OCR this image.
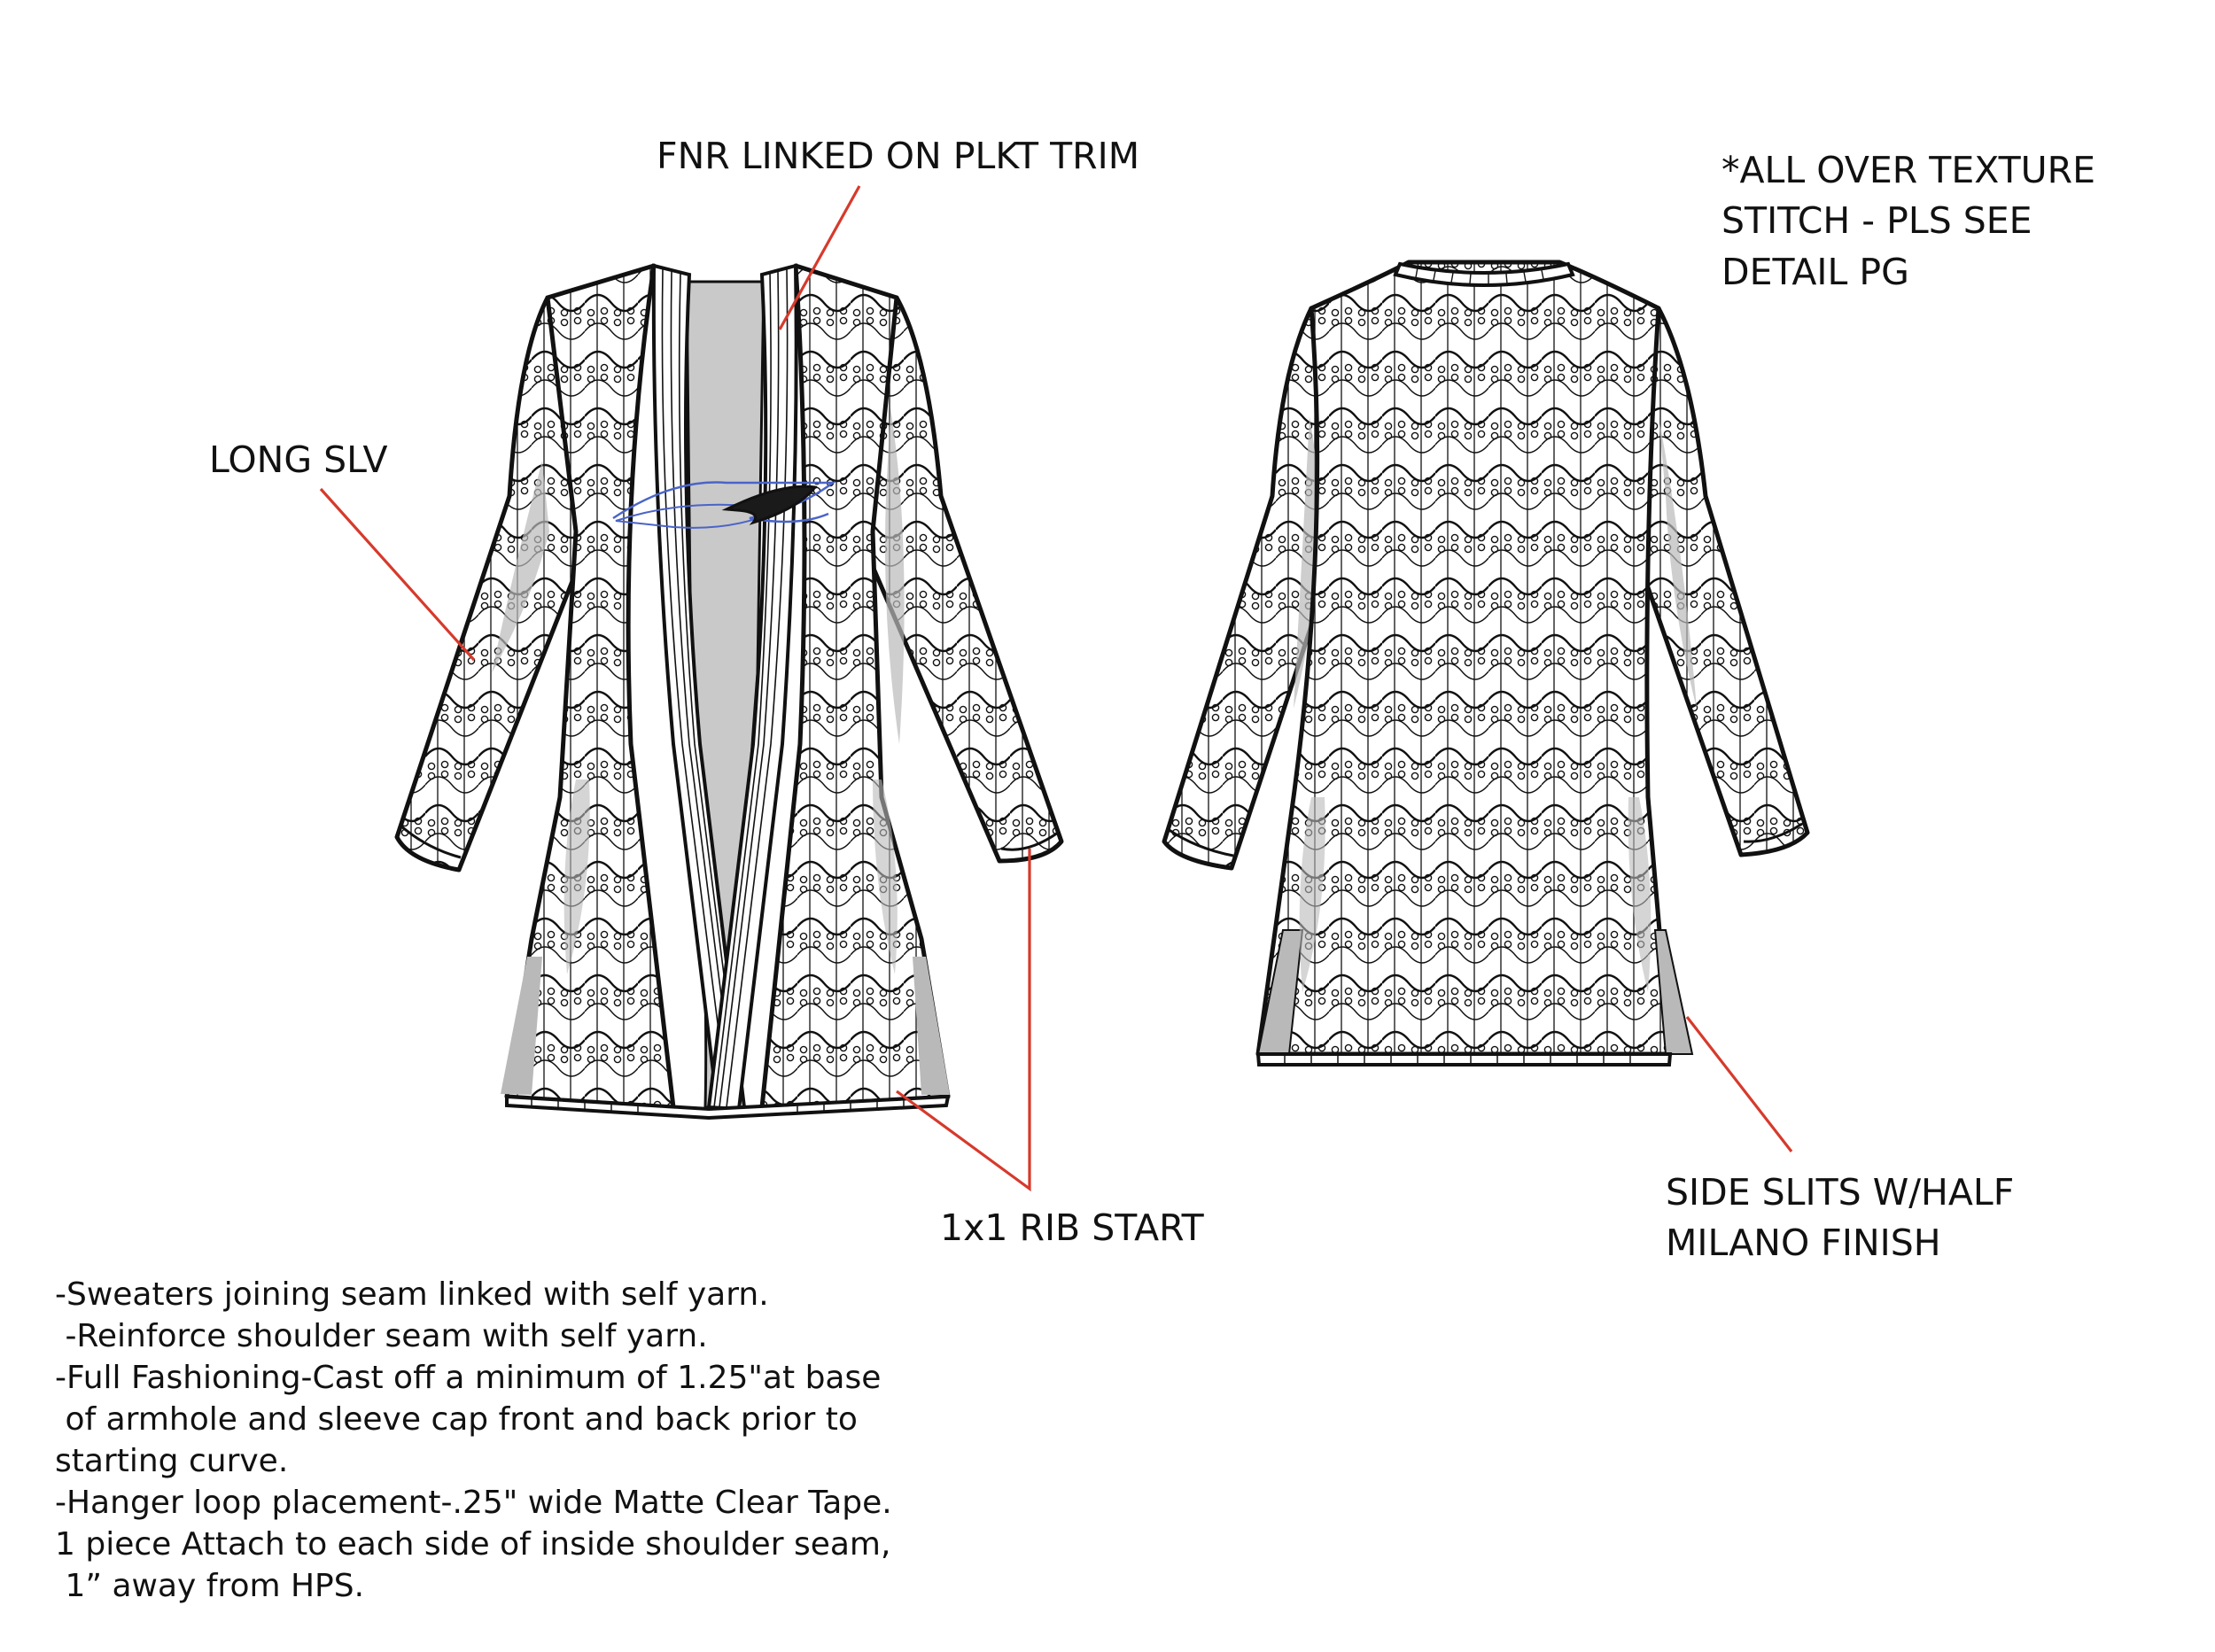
FNR LINKED ON PLKT TRIM
LONG SLV
*ALL OVER TEXTURE
STITCH - PLS SEE
DETAIL PG
1x1 RIB START
SIDE SLITS W/HALF
MILANO FINISH
-Sweaters joining seam linked with self yarn.
-Reinforce shoulder seam with self yarn.
-Full Fashioning-Cast off a minimum of 1.25"at base
of armhole and sleeve cap front and back prior to
starting curve.
-Hanger loop placement-.25" wide Matte Clear Tape.
1 piece Attach to each side of inside shoulder seam,
1” away from HPS.
